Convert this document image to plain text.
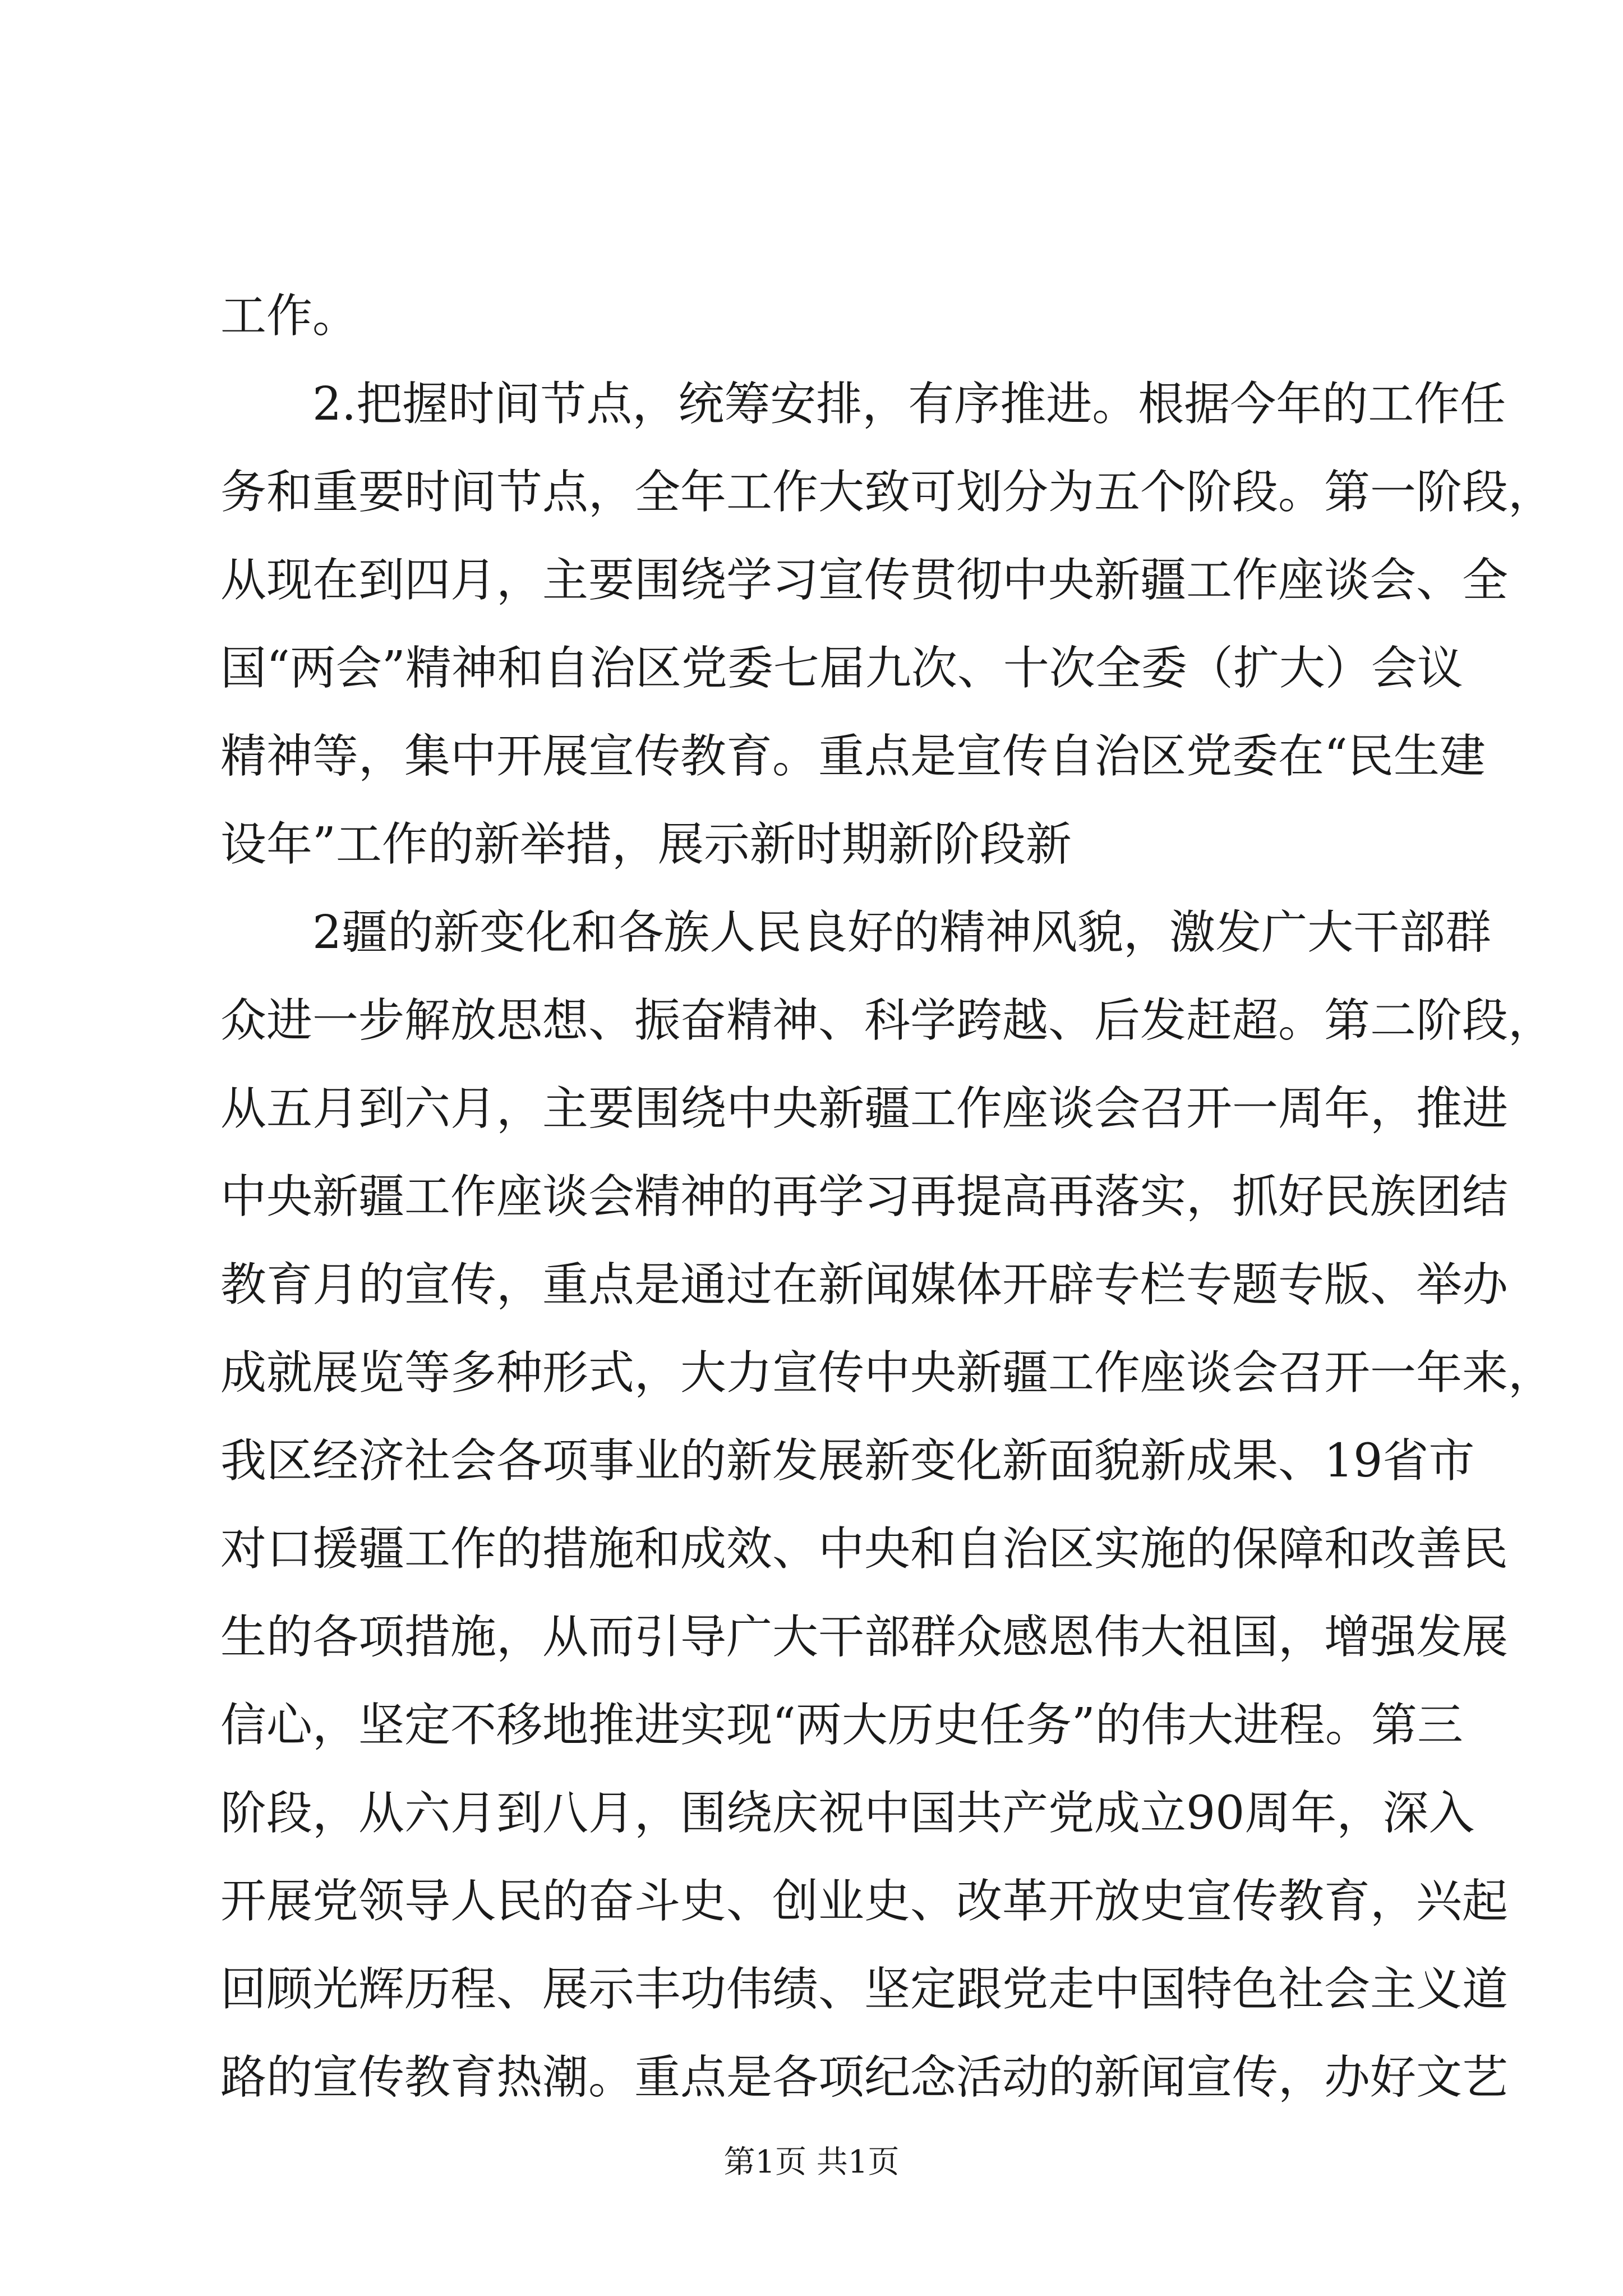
工作。
2.把握时间节点，统筹安排，有序推进。根据今年的工作任
务和重要时间节点，全年工作大致可划分为五个阶段。第一阶段，
从现在到四月，主要围绕学习宣传贯彻中央新疆工作座谈会、全
国“两会”精神和自治区党委七届九次、十次全委（扩大）会议
精神等，集中开展宣传教育。重点是宣传自治区党委在“民生建
设年”工作的新举措，展示新时期新阶段新
2疆的新变化和各族人民良好的精神风貌，激发广大干部群
众进一步解放思想、振奋精神、科学跨越、后发赶超。第二阶段，
从五月到六月，主要围绕中央新疆工作座谈会召开一周年，推进
中央新疆工作座谈会精神的再学习再提高再落实，抓好民族团结
教育月的宣传，重点是通过在新闻媒体开辟专栏专题专版、举办
成就展览等多种形式，大力宣传中央新疆工作座谈会召开一年来，
我区经济社会各项事业的新发展新变化新面貌新成果、19省市
对口援疆工作的措施和成效、中央和自治区实施的保障和改善民
生的各项措施，从而引导广大干部群众感恩伟大祖国，增强发展
信心，坚定不移地推进实现“两大历史任务”的伟大进程。第三
阶段，从六月到八月，围绕庆祝中国共产党成立90周年，深入
开展党领导人民的奋斗史、创业史、改革开放史宣传教育，兴起
回顾光辉历程、展示丰功伟绩、坚定跟党走中国特色社会主义道
路的宣传教育热潮。重点是各项纪念活动的新闻宣传，办好文艺
第1页 共1页
